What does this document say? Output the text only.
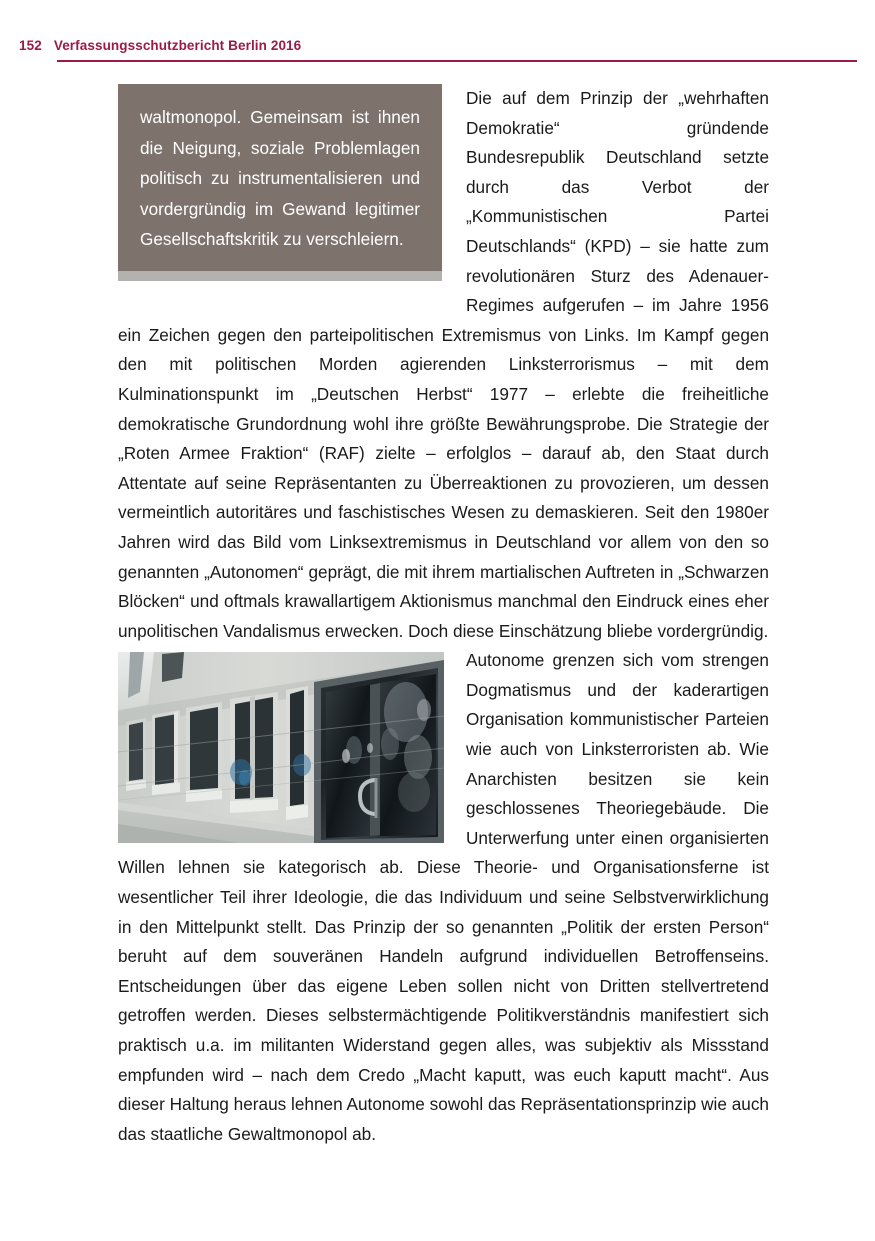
152 Verfassungsschutzbericht Berlin 2016

waltmonopol. Gemeinsam ist ihnen die Neigung, soziale Problemlagen politisch zu instrumentalisieren und vordergründig im Gewand legitimer Gesellschaftskritik zu verschleiern.

Die auf dem Prinzip der „wehrhaften Demokratie“ gründende Bundesrepublik Deutschland setzte durch das Verbot der „Kommunistischen Partei Deutschlands“ (KPD) – sie hatte zum revolutionären Sturz des Adenauer-Regimes aufgerufen – im Jahre 1956 ein Zeichen gegen den parteipolitischen Extremismus von Links. Im Kampf gegen den mit politischen Morden agierenden Linksterrorismus – mit dem Kulminationspunkt im „Deutschen Herbst“ 1977 – erlebte die freiheitliche demokratische Grundordnung wohl ihre größte Bewährungsprobe. Die Strategie der „Roten Armee Fraktion“ (RAF) zielte – erfolglos – darauf ab, den Staat durch Attentate auf seine Repräsentanten zu Überreaktionen zu provozieren, um dessen vermeintlich autoritäres und faschistisches Wesen zu demaskieren. Seit den 1980er Jahren wird das Bild vom Linksextremismus in Deutschland vor allem von den so genannten „Autonomen“ geprägt, die mit ihrem martialischen Auftreten in „Schwarzen Blöcken“ und oftmals krawallartigem Aktionismus manchmal den Eindruck eines eher unpolitischen Vandalismus erwecken. Doch diese Einschätzung bliebe vordergründig.

Autonome grenzen sich vom strengen Dogmatismus und der kaderartigen Organisation kommunistischer Parteien wie auch von Linksterroristen ab. Wie Anarchisten besitzen sie kein geschlossenes Theoriegebäude. Die Unterwerfung unter einen organisierten Willen lehnen sie kategorisch ab. Diese Theorie- und Organisationsferne ist wesentlicher Teil ihrer Ideologie, die das Individuum und seine Selbstverwirklichung in den Mittelpunkt stellt. Das Prinzip der so genannten „Politik der ersten Person“ beruht auf dem souveränen Handeln aufgrund individuellen Betroffenseins. Entscheidungen über das eigene Leben sollen nicht von Dritten stellvertretend getroffen werden. Dieses selbstermächtigende Politikverständnis manifestiert sich praktisch u.a. im militanten Widerstand gegen alles, was subjektiv als Missstand empfunden wird – nach dem Credo „Macht kaputt, was euch kaputt macht“. Aus dieser Haltung heraus lehnen Autonome sowohl das Repräsentationsprinzip wie auch das staatliche Gewaltmonopol ab.
